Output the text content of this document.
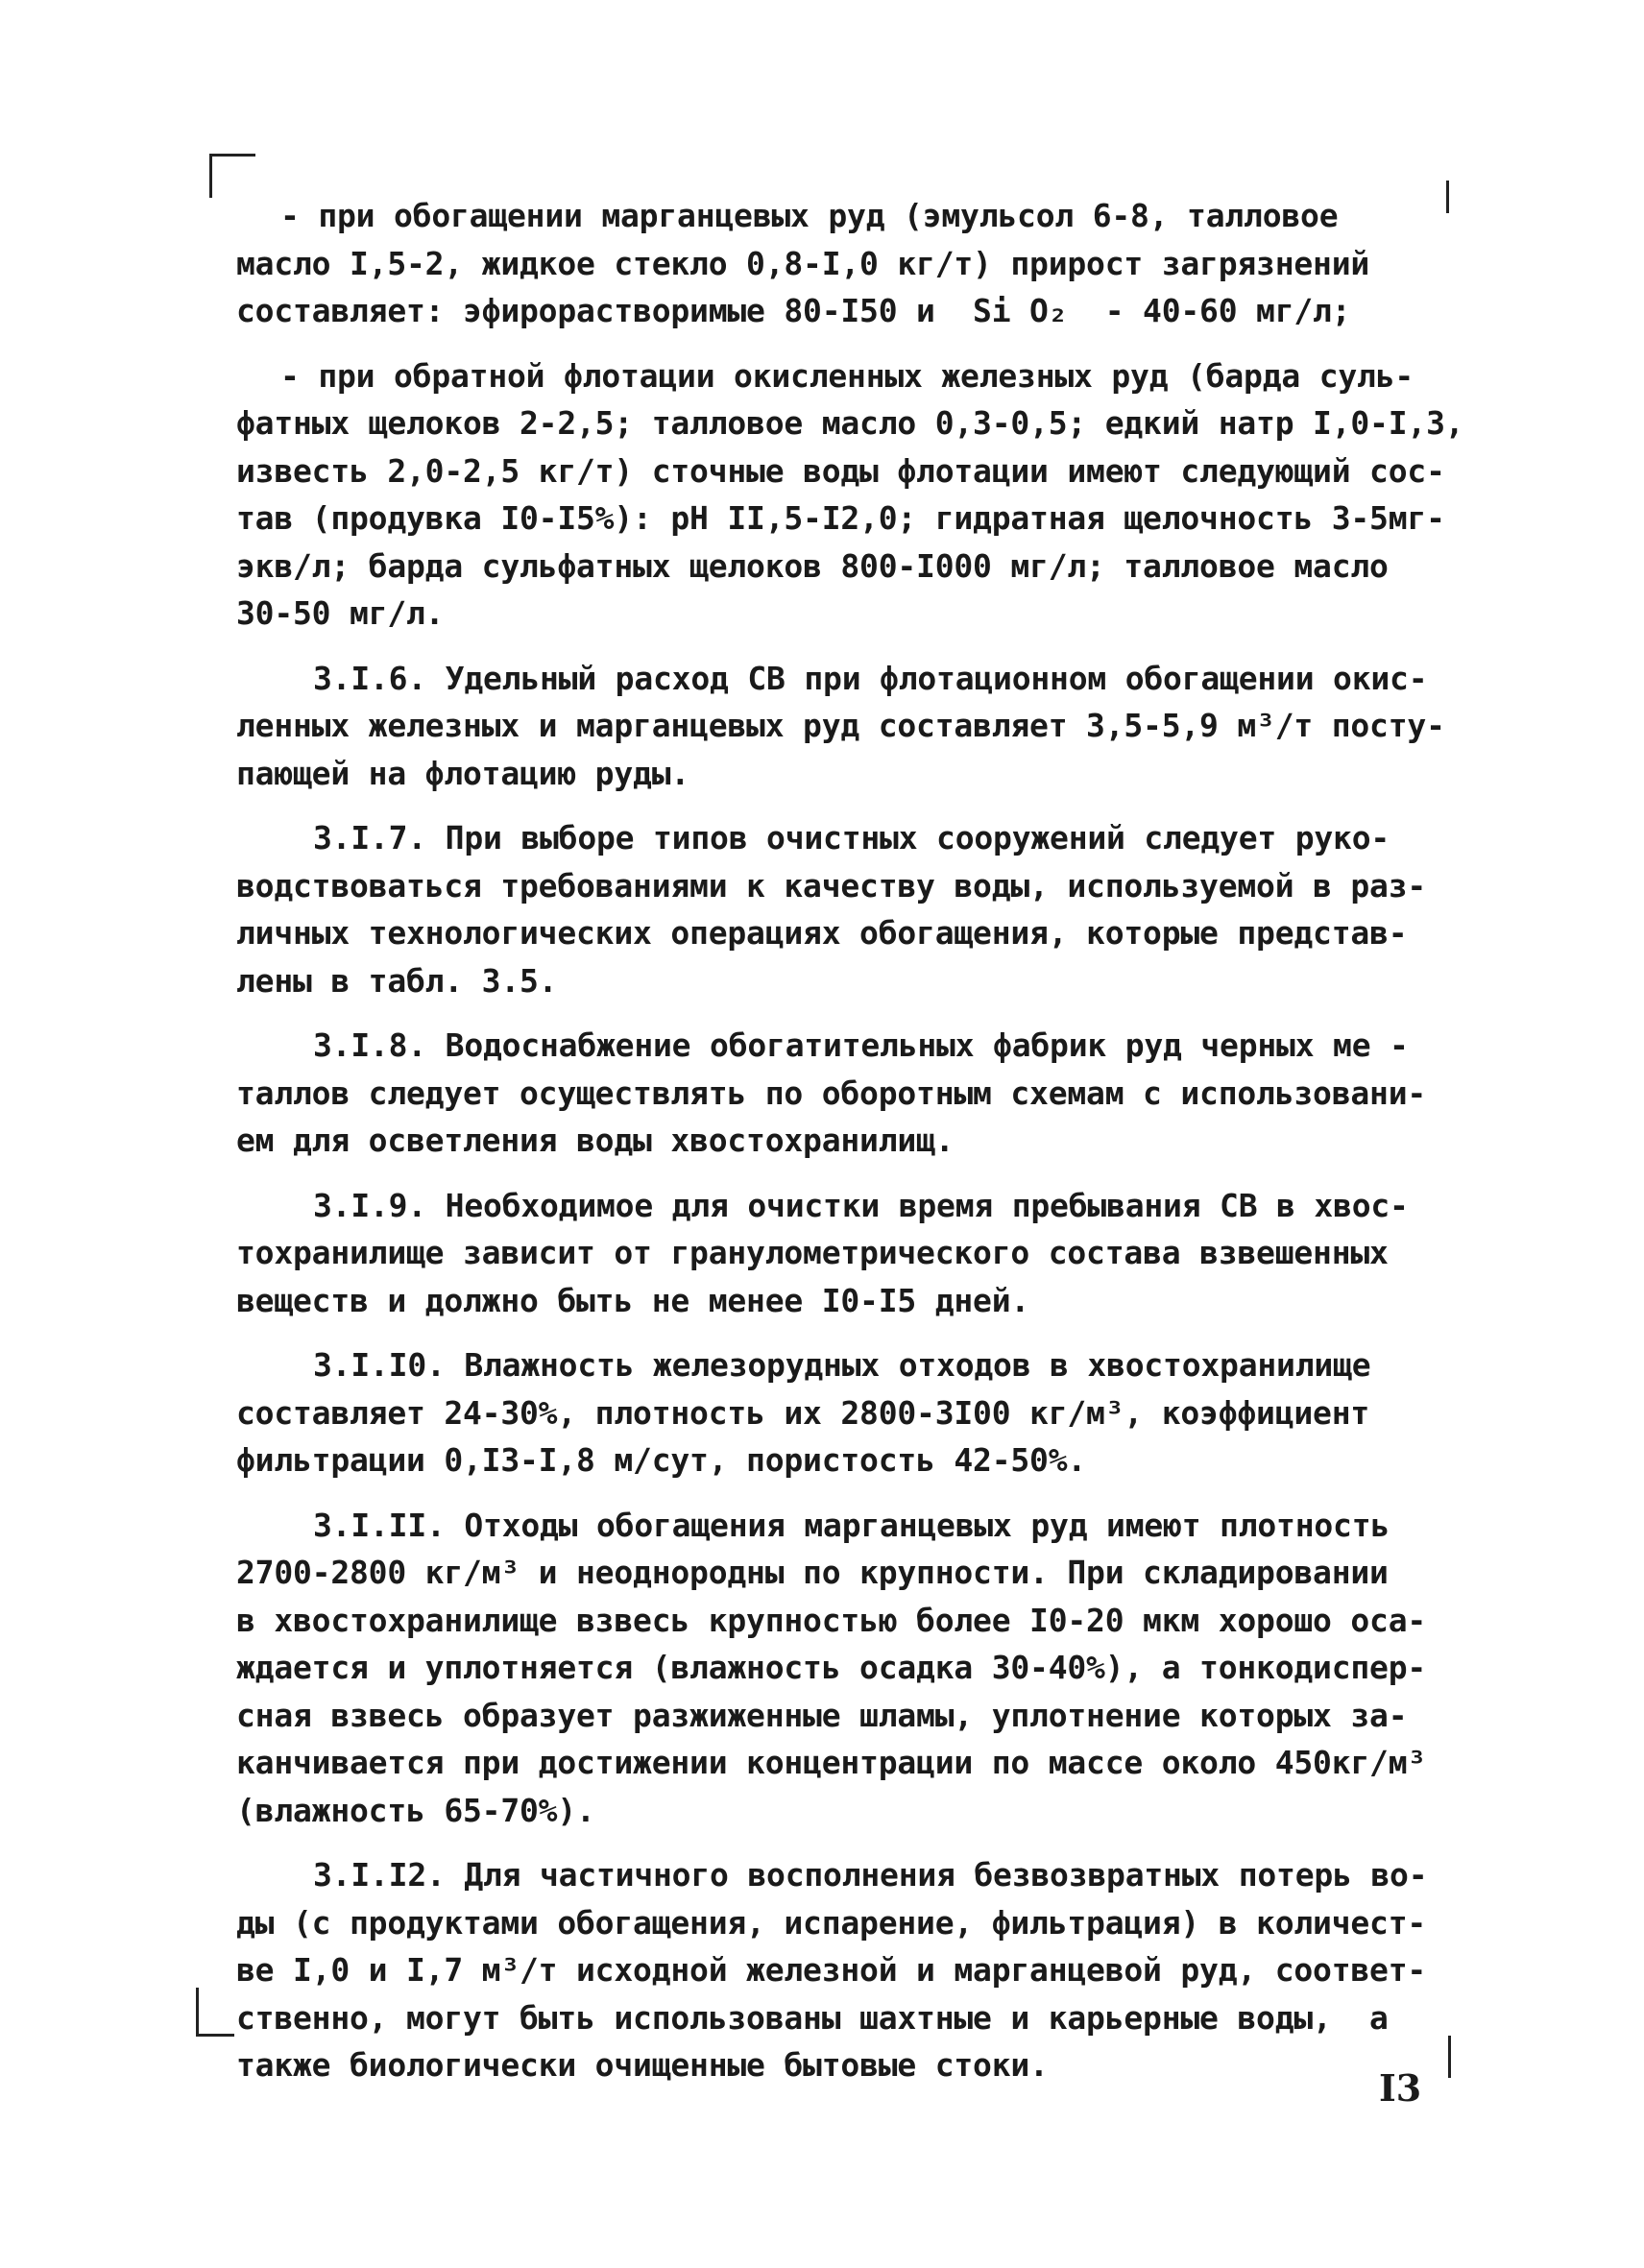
- при обогащении марганцевых руд (эмульсол 6-8, талловое
масло I,5-2, жидкое стекло 0,8-I,0 кг/т) прирост загрязнений
составляет: эфирорастворимые 80-I50 и  Si O₂  - 40-60 мг/л;
- при обратной флотации окисленных железных руд (барда суль-
фатных щелоков 2-2,5; талловое масло 0,3-0,5; едкий натр I,0-I,3,
известь 2,0-2,5 кг/т) сточные воды флотации имеют следующий сос-
тав (продувка I0-I5%): pH II,5-I2,0; гидратная щелочность 3-5мг-
экв/л; барда сульфатных щелоков 800-I000 мг/л; талловое масло
30-50 мг/л.
3.I.6. Удельный расход СВ при флотационном обогащении окис-
ленных железных и марганцевых руд составляет 3,5-5,9 м³/т посту-
пающей на флотацию руды.
3.I.7. При выборе типов очистных сооружений следует руко-
водствоваться требованиями к качеству воды, используемой в раз-
личных технологических операциях обогащения, которые представ-
лены в табл. 3.5.
3.I.8. Водоснабжение обогатительных фабрик руд черных ме -
таллов следует осуществлять по оборотным схемам с использовани-
ем для осветления воды хвостохранилищ.
3.I.9. Необходимое для очистки время пребывания СВ в хвос-
тохранилище зависит от гранулометрического состава взвешенных
веществ и должно быть не менее I0-I5 дней.
3.I.I0. Влажность железорудных отходов в хвостохранилище
составляет 24-30%, плотность их 2800-3I00 кг/м³, коэффициент
фильтрации 0,I3-I,8 м/сут, пористость 42-50%.
3.I.II. Отходы обогащения марганцевых руд имеют плотность
2700-2800 кг/м³ и неоднородны по крупности. При складировании
в хвостохранилище взвесь крупностью более I0-20 мкм хорошо оса-
ждается и уплотняется (влажность осадка 30-40%), а тонкодиспер-
сная взвесь образует разжиженные шламы, уплотнение которых за-
канчивается при достижении концентрации по массе около 450кг/м³
(влажность 65-70%).
3.I.I2. Для частичного восполнения безвозвратных потерь во-
ды (с продуктами обогащения, испарение, фильтрация) в количест-
ве I,0 и I,7 м³/т исходной железной и марганцевой руд, соответ-
ственно, могут быть использованы шахтные и карьерные воды,  а
также биологически очищенные бытовые стоки.
I3
